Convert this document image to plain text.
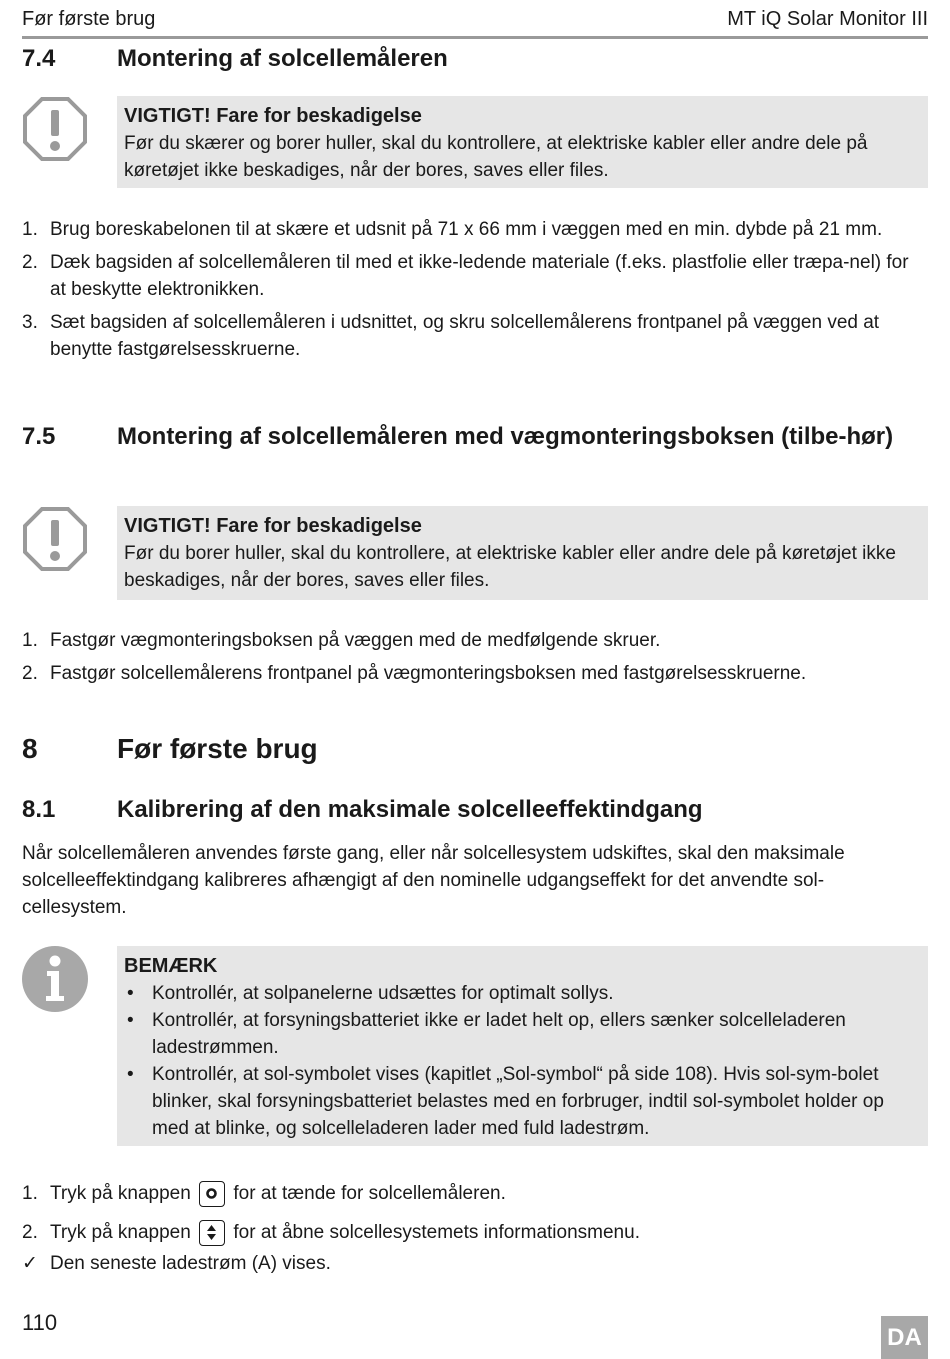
Før første brug	MT iQ Solar Monitor III
7.4	Montering af solcellemåleren
VIGTIGT! Fare for beskadigelse
Før du skærer og borer huller, skal du kontrollere, at elektriske kabler eller andre dele på køretøjet ikke beskadiges, når der bores, saves eller files.
1. Brug boreskabelonen til at skære et udsnit på 71 x 66 mm i væggen med en min. dybde på 21 mm.
2. Dæk bagsiden af solcellemåleren til med et ikke-ledende materiale (f.eks. plastfolie eller træpa-nel) for at beskytte elektronikken.
3. Sæt bagsiden af solcellemåleren i udsnittet, og skru solcellemålerens frontpanel på væggen ved at benytte fastgørelsesskruerne.
7.5	Montering af solcellemåleren med vægmonteringsboksen (tilbe-hør)
VIGTIGT! Fare for beskadigelse
Før du borer huller, skal du kontrollere, at elektriske kabler eller andre dele på køretøjet ikke beskadiges, når der bores, saves eller files.
1. Fastgør vægmonteringsboksen på væggen med de medfølgende skruer.
2. Fastgør solcellemålerens frontpanel på vægmonteringsboksen med fastgørelsesskruerne.
8	Før første brug
8.1	Kalibrering af den maksimale solcelleeffektindgang
Når solcellemåleren anvendes første gang, eller når solcellesystem udskiftes, skal den maksimale solcelleeffektindgang kalibreres afhængigt af den nominelle udgangseffekt for det anvendte sol-cellesystem.
BEMÆRK
• Kontrollér, at solpanelerne udsættes for optimalt sollys.
• Kontrollér, at forsyningsbatteriet ikke er ladet helt op, ellers sænker solcelleladeren ladestrømmen.
• Kontrollér, at sol-symbolet vises (kapitlet „Sol-symbol“ på side 108). Hvis sol-sym-bolet blinker, skal forsyningsbatteriet belastes med en forbruger, indtil sol-symbolet holder op med at blinke, og solcelleladeren lader med fuld ladestrøm.
1. Tryk på knappen for at tænde for solcellemåleren.
2. Tryk på knappen for at åbne solcellesystemets informationsmenu.
✓ Den seneste ladestrøm (A) vises.
110
DA
